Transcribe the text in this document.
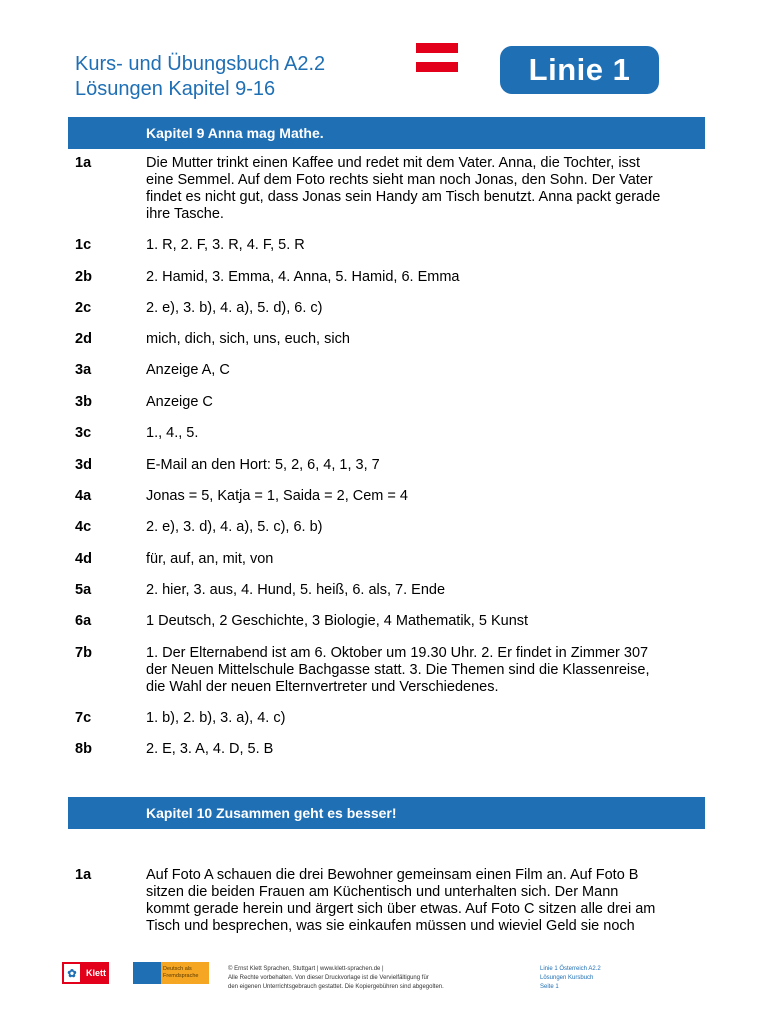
Kurs- und Übungsbuch A2.2
Lösungen Kapitel 9-16
Linie 1
Kapitel 9 Anna mag Mathe.
1a	Die Mutter trinkt einen Kaffee und redet mit dem Vater. Anna, die Tochter, isst
eine Semmel. Auf dem Foto rechts sieht man noch Jonas, den Sohn. Der Vater
findet es nicht gut, dass Jonas sein Handy am Tisch benutzt. Anna packt gerade
ihre Tasche.
1c	1. R, 2. F, 3. R, 4. F, 5. R
2b	2. Hamid, 3. Emma, 4. Anna, 5. Hamid, 6. Emma
2c	2. e), 3. b), 4. a), 5. d), 6. c)
2d	mich, dich, sich, uns, euch, sich
3a	Anzeige A, C
3b	Anzeige C
3c	1., 4., 5.
3d	E-Mail an den Hort: 5, 2, 6, 4, 1, 3, 7
4a	Jonas = 5, Katja = 1, Saida = 2, Cem = 4
4c	2. e), 3. d), 4. a), 5. c), 6. b)
4d	für, auf, an, mit, von
5a	2. hier, 3. aus, 4. Hund, 5. heiß, 6. als, 7. Ende
6a	1 Deutsch, 2 Geschichte, 3 Biologie, 4 Mathematik, 5 Kunst
7b	1. Der Elternabend ist am 6. Oktober um 19.30 Uhr. 2. Er findet in Zimmer 307
der Neuen Mittelschule Bachgasse statt. 3. Die Themen sind die Klassenreise,
die Wahl der neuen Elternvertreter und Verschiedenes.
7c	1. b), 2. b), 3. a), 4. c)
8b	2. E, 3. A, 4. D, 5. B
Kapitel 10 Zusammen geht es besser!
1a	Auf Foto A schauen die drei Bewohner gemeinsam einen Film an. Auf Foto B
sitzen die beiden Frauen am Küchentisch und unterhalten sich. Der Mann
kommt gerade herein und ärgert sich über etwas. Auf Foto C sitzen alle drei am
Tisch und besprechen, was sie einkaufen müssen und wieviel Geld sie noch
✿	Klett	Deutsch als Fremdsprache
© Ernst Klett Sprachen, Stuttgart | www.klett-sprachen.de |
Alle Rechte vorbehalten. Von dieser Druckvorlage ist die Vervielfältigung für
den eigenen Unterrichtsgebrauch gestattet. Die Kopiergebühren sind abgegolten.
Linie 1 Österreich A2.2
Lösungen Kursbuch
Seite 1
